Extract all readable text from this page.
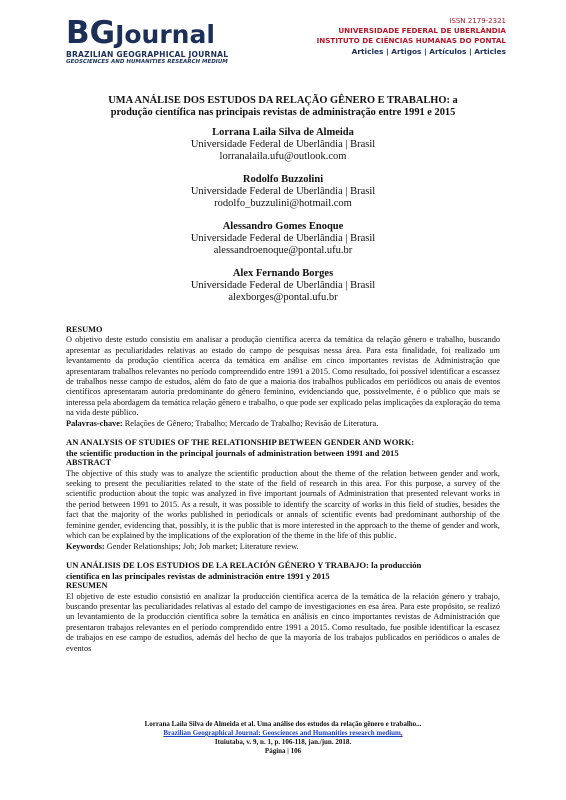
BGJournal
BRAZILIAN GEOGRAPHICAL JOURNAL
GEOSCIENCES AND HUMANITIES RESEARCH MEDIUM
ISSN 2179-2321
UNIVERSIDADE FEDERAL DE UBERLÂNDIA
INSTITUTO DE CIÊNCIAS HUMANAS DO PONTAL
Articles | Artigos | Artículos | Articles
UMA ANÁLISE DOS ESTUDOS DA RELAÇÃO GÊNERO E TRABALHO: a
produção científica nas principais revistas de administração entre 1991 e 2015
Lorrana Laila Silva de Almeida
Universidade Federal de Uberlândia | Brasil
lorranalaila.ufu@outlook.com
Rodolfo Buzzolini
Universidade Federal de Uberlândia | Brasil
rodolfo_buzzulini@hotmail.com
Alessandro Gomes Enoque
Universidade Federal de Uberlândia | Brasil
alessandroenoque@pontal.ufu.br
Alex Fernando Borges
Universidade Federal de Uberlândia | Brasil
alexborges@pontal.ufu.br
RESUMO
O objetivo deste estudo consistiu em analisar a produção científica acerca da temática da relação gênero e trabalho, buscando apresentar as peculiaridades relativas ao estado do campo de pesquisas nessa área. Para esta finalidade, foi realizado um levantamento da produção científica acerca da temática em análise em cinco importantes revistas de Administração que apresentaram trabalhos relevantes no período compreendido entre 1991 a 2015. Como resultado, foi possível identificar a escassez de trabalhos nesse campo de estudos, além do fato de que a maioria dos trabalhos publicados em periódicos ou anais de eventos científicos apresentaram autoria predominante do gênero feminino, evidenciando que, possivelmente, é o público que mais se interessa pela abordagem da temática relação gênero e trabalho, o que pode ser explicado pelas implicações da exploração do tema na vida deste público.
Palavras-chave: Relações de Gênero; Trabalho; Mercado de Trabalho; Revisão de Literatura.
AN ANALYSIS OF STUDIES OF THE RELATIONSHIP BETWEEN GENDER AND WORK:
the scientific production in the principal journals of administration between 1991 and 2015
ABSTRACT
The objective of this study was to analyze the scientific production about the theme of the relation between gender and work, seeking to present the peculiarities related to the state of the field of research in this area. For this purpose, a survey of the scientific production about the topic was analyzed in five important journals of Administration that presented relevant works in the period between 1991 to 2015. As a result, it was possible to identify the scarcity of works in this field of studies, besides the fact that the majority of the works published in periodicals or annals of scientific events had predominant authorship of the feminine gender, evidencing that, possibly, it is the public that is more interested in the approach to the theme of gender and work, which can be explained by the implications of the exploration of the theme in the life of this public.
Keywords: Gender Relationships; Job; Job market; Literature review.
UN ANÁLISIS DE LOS ESTUDIOS DE LA RELACIÓN GÉNERO Y TRABAJO: la producción
científica en las principales revistas de administración entre 1991 y 2015
RESUMEN
El objetivo de este estudio consistió en analizar la producción científica acerca de la temática de la relación género y trabajo, buscando presentar las peculiaridades relativas al estado del campo de investigaciones en esa área. Para este propósito, se realizó un levantamiento de la producción científica sobre la temática en análisis en cinco importantes revistas de Administración que presentaron trabajos relevantes en el período comprendido entre 1991 a 2015. Como resultado, fue posible identificar la escasez de trabajos en ese campo de estudios, además del hecho de que la mayoría de los trabajos publicados en periódicos o anales de eventos
Lorrana Laila Silva de Almeida et al. Uma análise dos estudos da relação gênero e trabalho...
Brazilian Geographical Journal: Geosciences and Humanities research medium,
Ituiutaba, v. 9, n. 1, p. 106-118, jan./jun. 2018.
Página | 106
